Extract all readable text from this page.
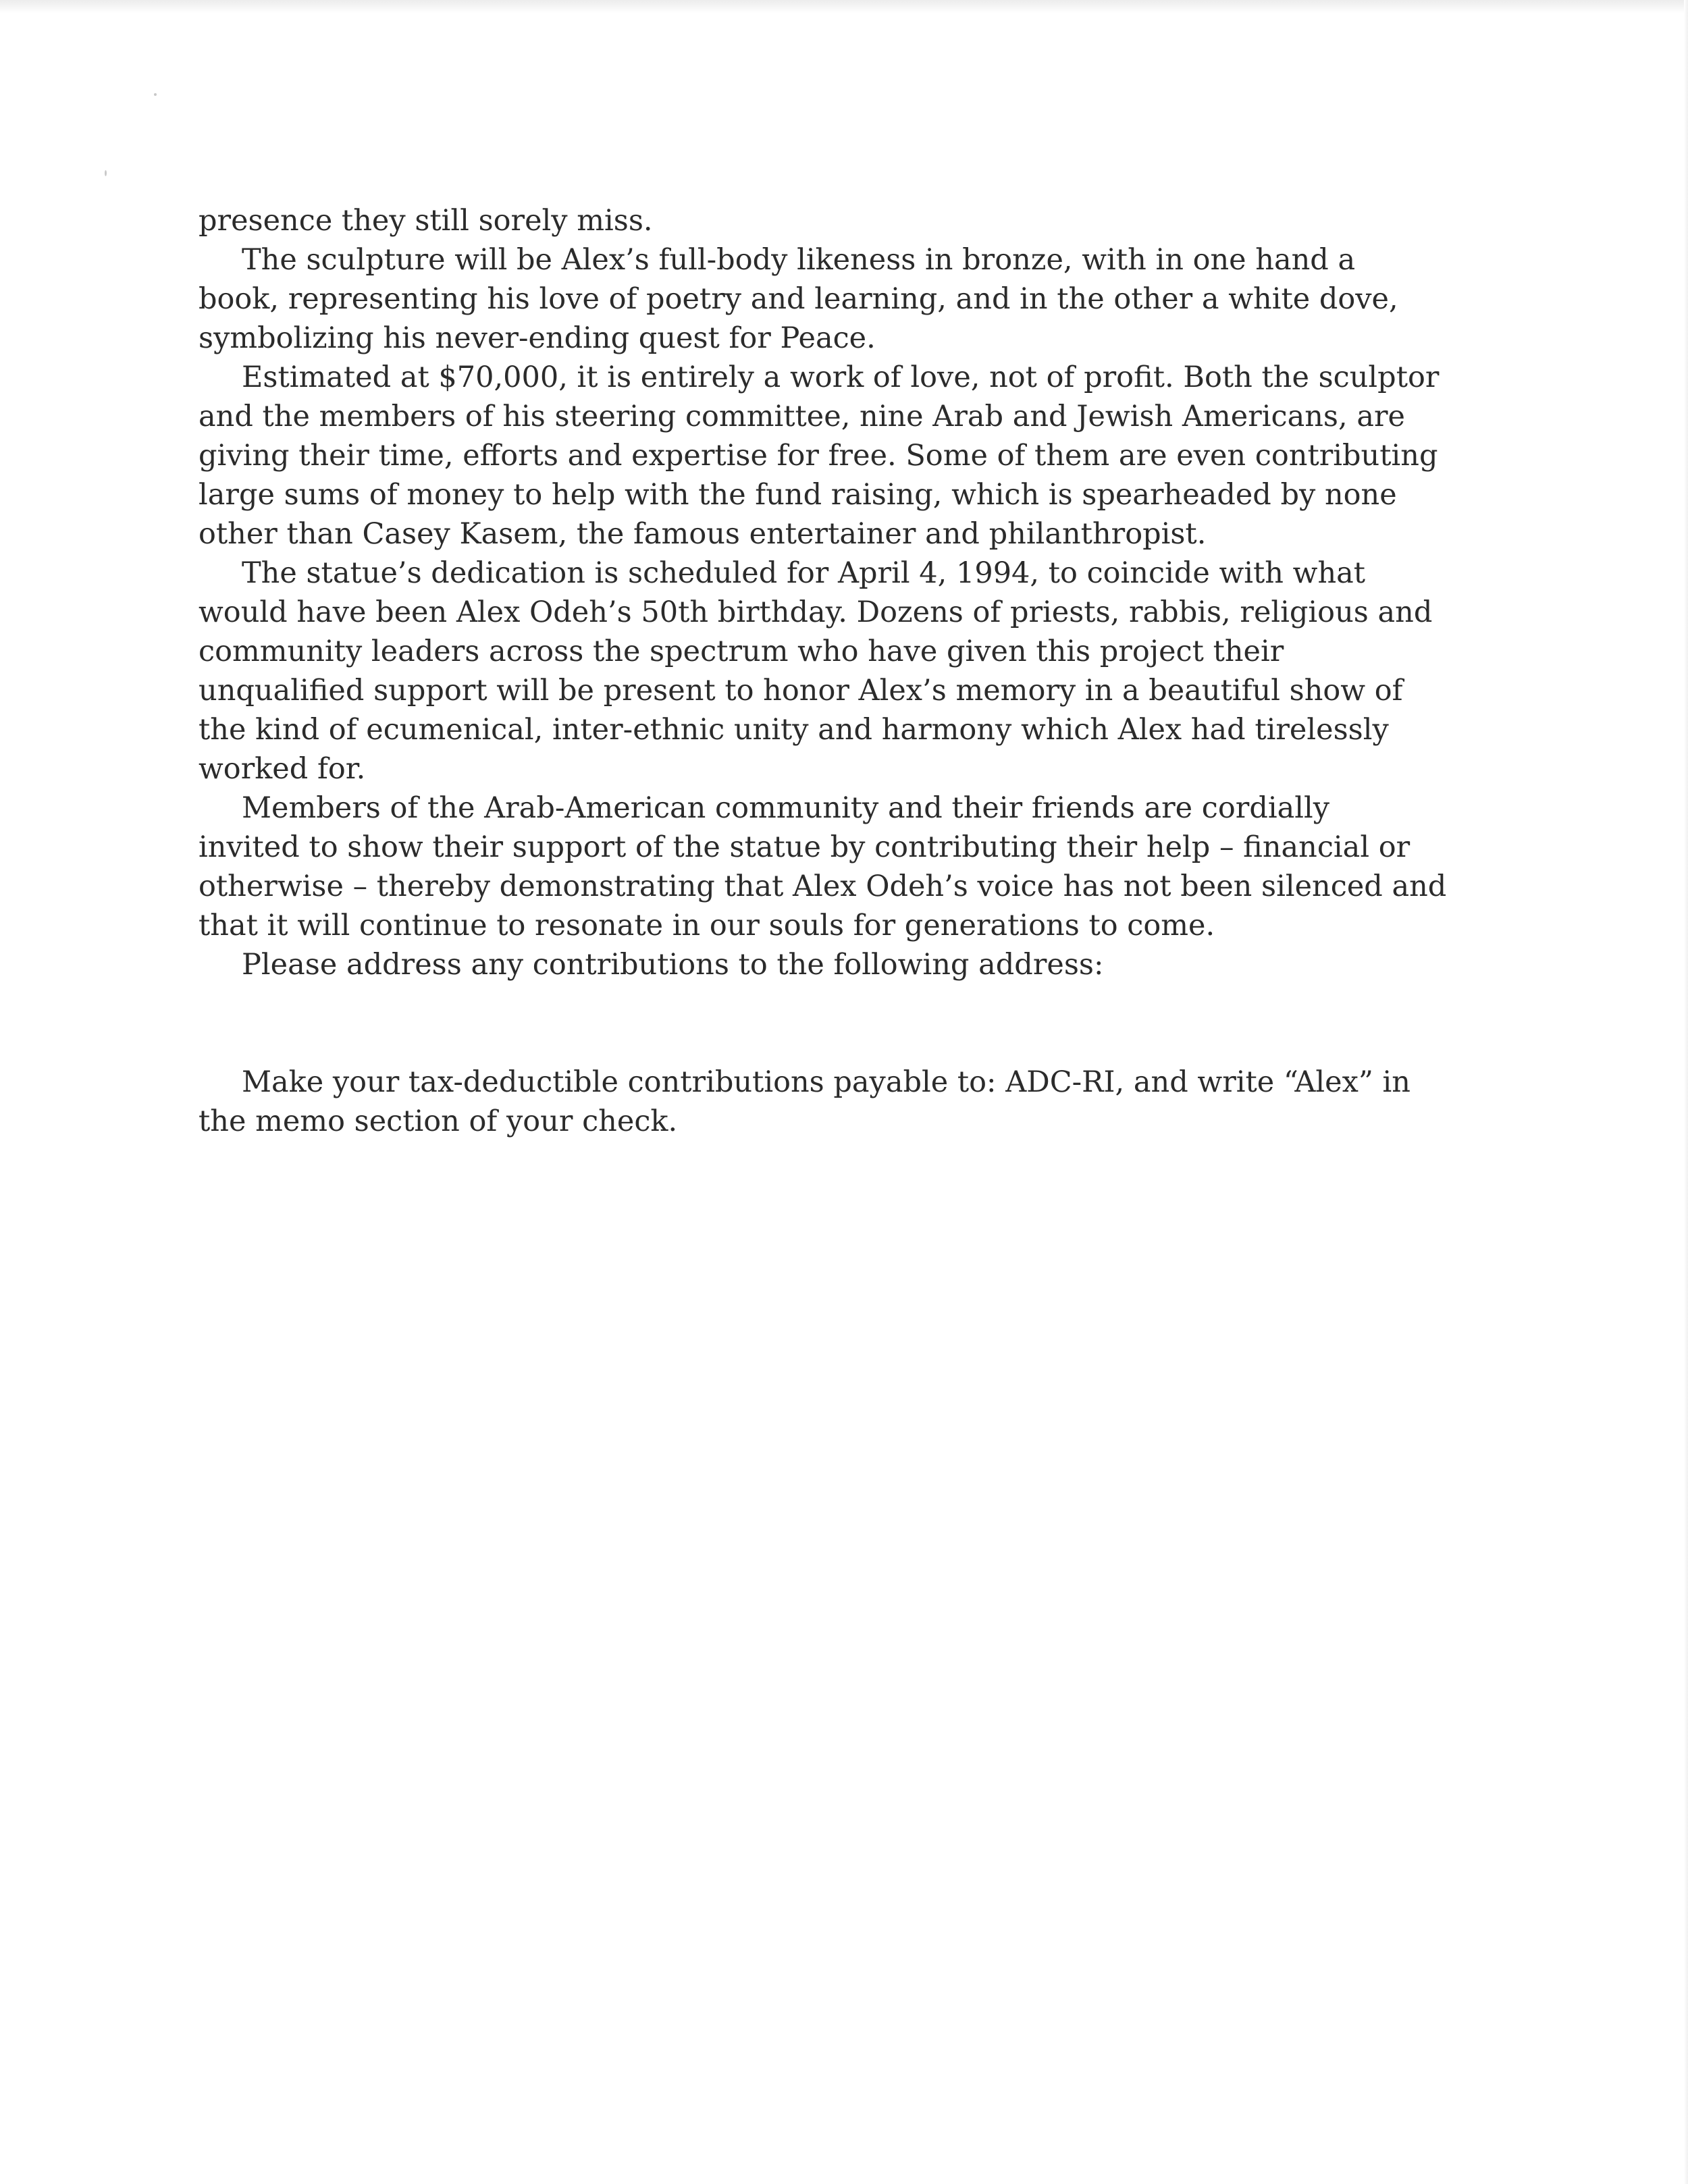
presence they still sorely miss.

The sculpture will be Alex’s full-body likeness in bronze, with in one hand a

book, representing his love of poetry and learning, and in the other a white dove,

symbolizing his never-ending quest for Peace.

Estimated at $70,000, it is entirely a work of love, not of profit. Both the sculptor

and the members of his steering committee, nine Arab and Jewish Americans, are

giving their time, efforts and expertise for free. Some of them are even contributing

large sums of money to help with the fund raising, which is spearheaded by none

other than Casey Kasem, the famous entertainer and philanthropist.

The statue’s dedication is scheduled for April 4, 1994, to coincide with what

would have been Alex Odeh’s 50th birthday. Dozens of priests, rabbis, religious and

community leaders across the spectrum who have given this project their

unqualified support will be present to honor Alex’s memory in a beautiful show of

the kind of ecumenical, inter-ethnic unity and harmony which Alex had tirelessly

worked for.

Members of the Arab-American community and their friends are cordially

invited to show their support of the statue by contributing their help – financial or

otherwise – thereby demonstrating that Alex Odeh’s voice has not been silenced and

that it will continue to resonate in our souls for generations to come.

Please address any contributions to the following address:

Make your tax-deductible contributions payable to: ADC-RI, and write “Alex” in

the memo section of your check.
